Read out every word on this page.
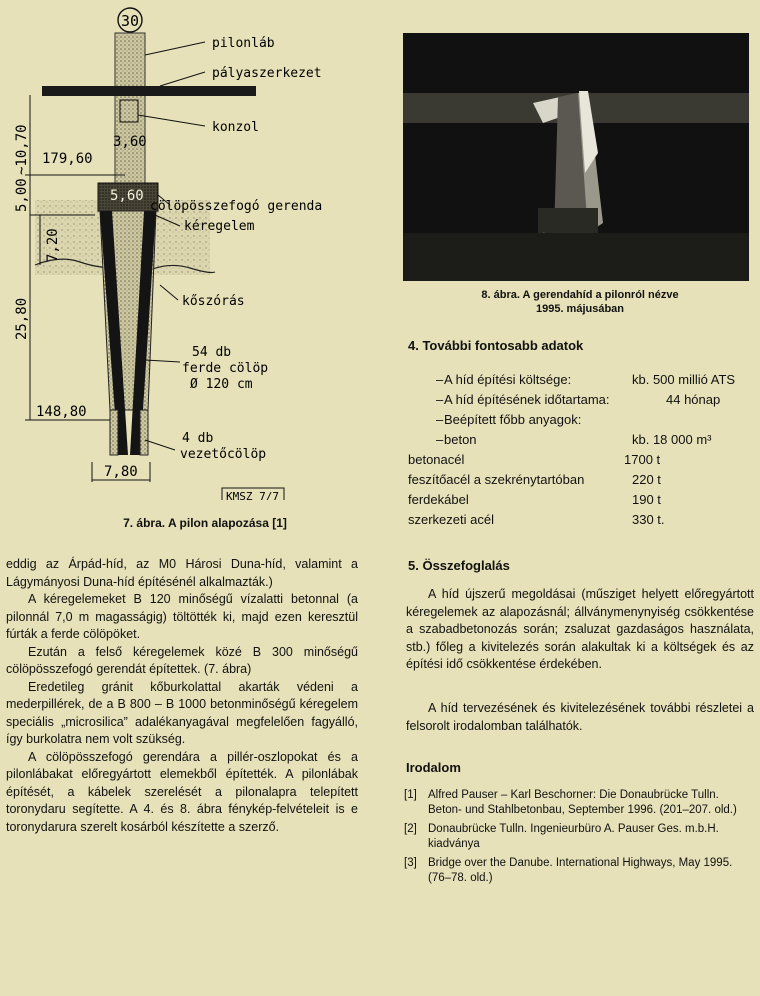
30
pilonláb
pályaszerkezet
konzol
cölöpösszefogó gerenda
kéregelem
kőszórás
54 db
ferde cölöp
Ø 120 cm
4 db
vezetőcölöp
~10,70	3,60
179,60
5,00	5,60
7,20
25,80
148,80
7,80
KMSZ 7/7
7. ábra. A pilon alapozása [1]
8. ábra. A gerendahíd a pilonról nézve
1995. májusában
4. További fontosabb adatok
– A híd építési költsége:	kb. 500 millió ATS
– A híd építésének időtartama:	44 hónap
– Beépített főbb anyagok:
– beton	kb. 18 000 m³
betonacél	1700 t
feszítőacél a szekrénytartóban	220 t
ferdekábel	190 t
szerkezeti acél	330 t.
5. Összefoglalás

A híd újszerű megoldásai (műsziget helyett előregyártott kéregelemek az alapozásnál; állványmenynyiség csökkentése a szabadbetonozás során; zsaluzat gazdaságos használata, stb.) főleg a kivitelezés során alakultak ki a költségek és az építési idő csökkentése érdekében.

A híd tervezésének és kivitelezésének további részletei a felsorolt irodalomban találhatók.

Irodalom
[1] Alfred Pauser – Karl Beschorner: Die Donaubrücke Tulln. Beton- und Stahlbetonbau, September 1996. (201–207. old.)
[2] Donaubrücke Tulln. Ingenieurbüro A. Pauser Ges. m.b.H. kiadványa
[3] Bridge over the Danube. International Highways, May 1995. (76–78. old.)

eddig az Árpád-híd, az M0 Hárosi Duna-híd, valamint a Lágymányosi Duna-híd építésénél alkalmazták.)

A kéregelemeket B 120 minőségű vízalatti betonnal (a pilonnál 7,0 m magasságig) töltötték ki, majd ezen keresztül fúrták a ferde cölöpöket.

Ezután a felső kéregelemek közé B 300 minőségű cölöpösszefogó gerendát építettek. (7. ábra)

Eredetileg gránit kőburkolattal akarták védeni a mederpillérek, de a B 800 – B 1000 betonminőségű kéregelem speciális „microsilica” adalékanyagával megfelelően fagyálló, így burkolatra nem volt szükség.

A cölöpösszefogó gerendára a pillér-oszlopokat és a pilonlábakat előregyártott elemekből építették. A pilonlábak építését, a kábelek szerelését a pilonalapra telepített toronydaru segítette. A 4. és 8. ábra fénykép-felvételeit is e toronydarura szerelt kosárból készítette a szerző.
